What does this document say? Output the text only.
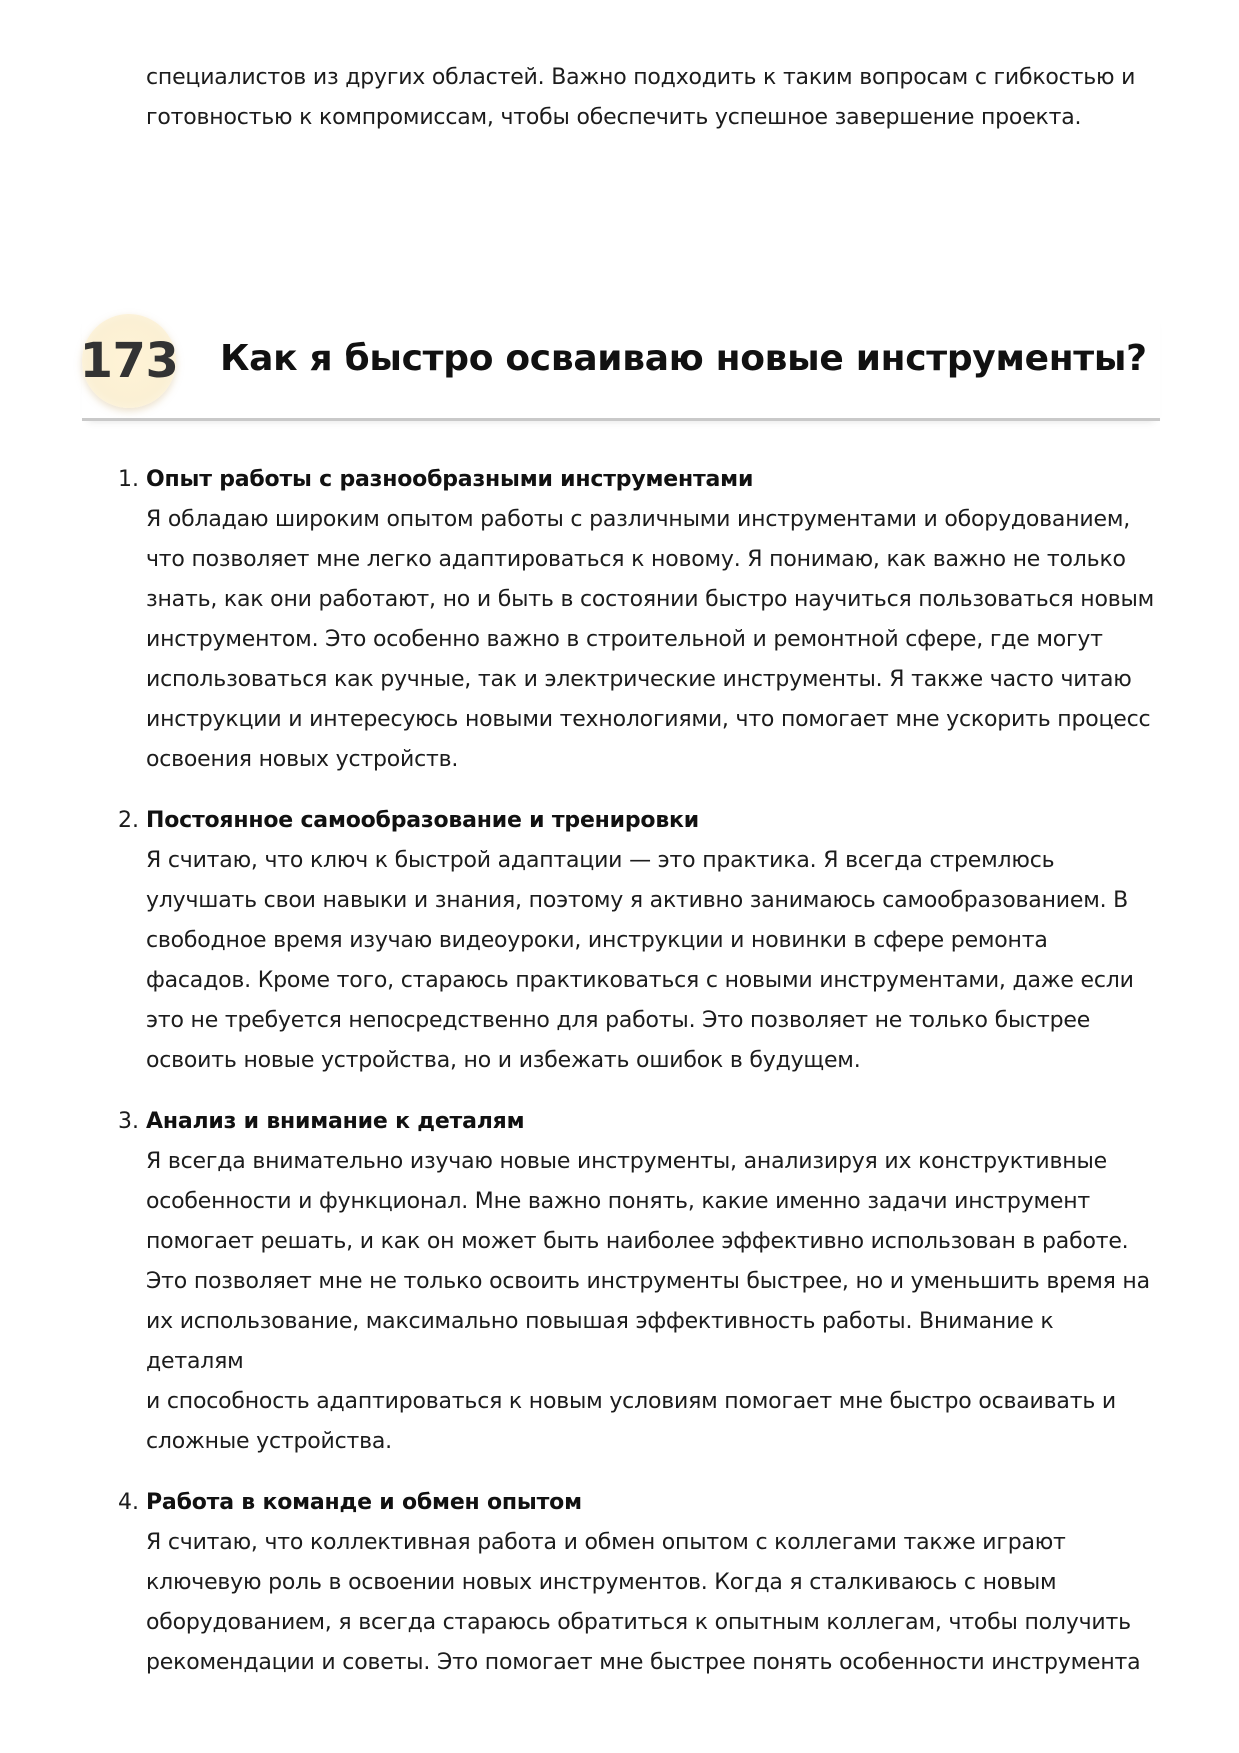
специалистов из других областей. Важно подходить к таким вопросам с гибкостью и
готовностью к компромиссам, чтобы обеспечить успешное завершение проекта.

173 Как я быстро осваиваю новые инструменты?
1. Опыт работы с разнообразными инструментами
Я обладаю широким опытом работы с различными инструментами и оборудованием,
что позволяет мне легко адаптироваться к новому. Я понимаю, как важно не только
знать, как они работают, но и быть в состоянии быстро научиться пользоваться новым
инструментом. Это особенно важно в строительной и ремонтной сфере, где могут
использоваться как ручные, так и электрические инструменты. Я также часто читаю
инструкции и интересуюсь новыми технологиями, что помогает мне ускорить процесс
освоения новых устройств.
2. Постоянное самообразование и тренировки
Я считаю, что ключ к быстрой адаптации — это практика. Я всегда стремлюсь
улучшать свои навыки и знания, поэтому я активно занимаюсь самообразованием. В
свободное время изучаю видеоуроки, инструкции и новинки в сфере ремонта
фасадов. Кроме того, стараюсь практиковаться с новыми инструментами, даже если
это не требуется непосредственно для работы. Это позволяет не только быстрее
освоить новые устройства, но и избежать ошибок в будущем.
3. Анализ и внимание к деталям
Я всегда внимательно изучаю новые инструменты, анализируя их конструктивные
особенности и функционал. Мне важно понять, какие именно задачи инструмент
помогает решать, и как он может быть наиболее эффективно использован в работе.
Это позволяет мне не только освоить инструменты быстрее, но и уменьшить время на
их использование, максимально повышая эффективность работы. Внимание к деталям
и способность адаптироваться к новым условиям помогает мне быстро осваивать и
сложные устройства.
4. Работа в команде и обмен опытом
Я считаю, что коллективная работа и обмен опытом с коллегами также играют
ключевую роль в освоении новых инструментов. Когда я сталкиваюсь с новым
оборудованием, я всегда стараюсь обратиться к опытным коллегам, чтобы получить
рекомендации и советы. Это помогает мне быстрее понять особенности инструмента
